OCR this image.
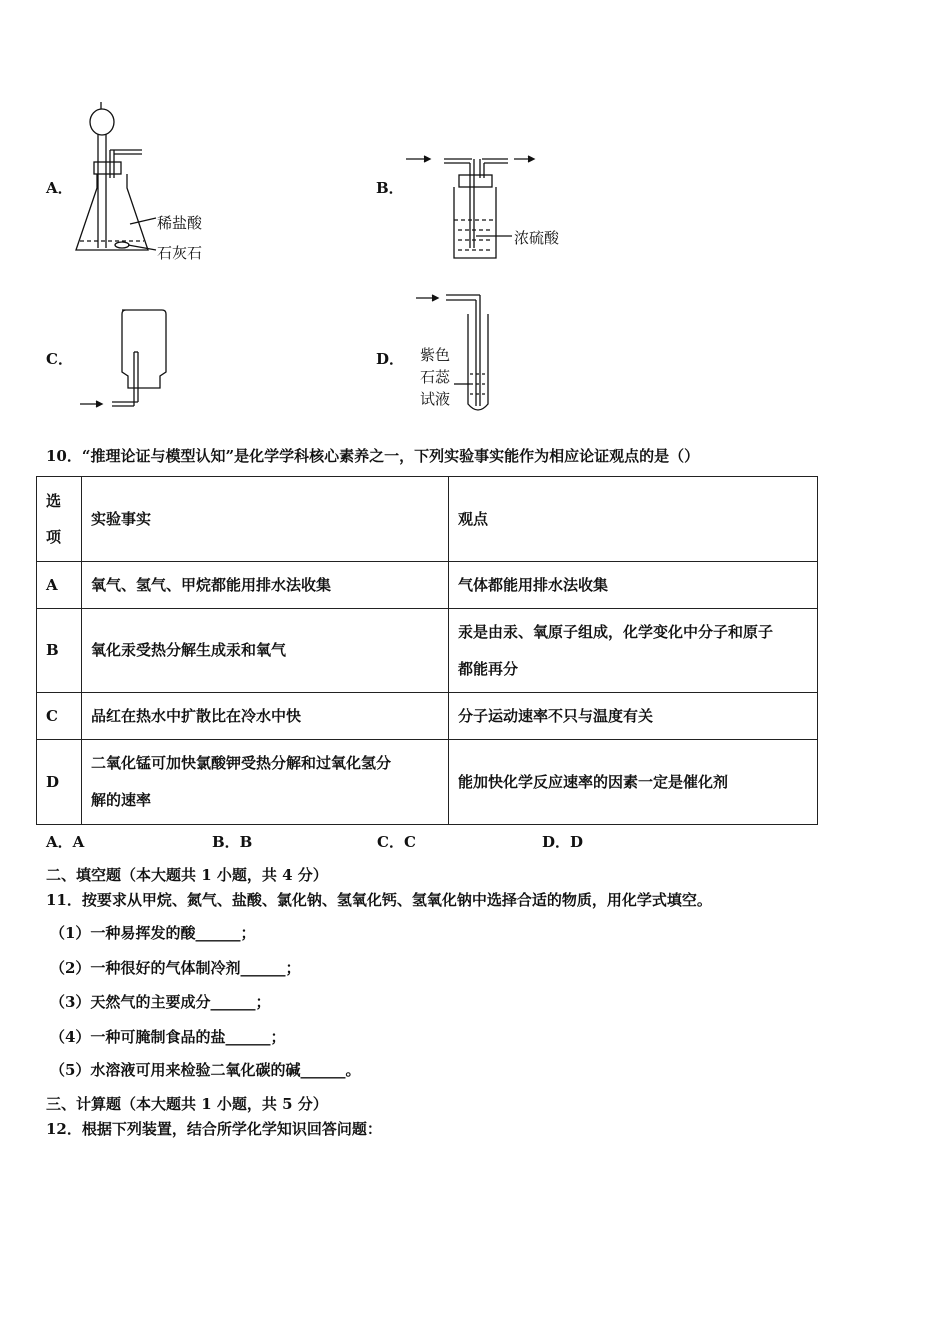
A．	B．
C．	D．
稀盐酸
石灰石
浓硫酸
紫色
石蕊
试液
10．“推理论证与模型认知”是化学学科核心素养之一，下列实验事实能作为相应论证观点的是（）
选
项	实验事实	观点
A	氧气、氢气、甲烷都能用排水法收集	气体都能用排水法收集
B	氧化汞受热分解生成汞和氧气	汞是由汞、氧原子组成，化学变化中分子和原子
都能再分

C	品红在热水中扩散比在冷水中快	分子运动速率不只与温度有关
D	二氧化锰可加快氯酸钾受热分解和过氧化氢分
解的速率	能加快化学反应速率的因素一定是催化剂
A．A	B．B	C．C	D．D
二、填空题（本大题共 1 小题，共 4 分）
11．按要求从甲烷、氮气、盐酸、氯化钠、氢氧化钙、氢氧化钠中选择合适的物质，用化学式填空。
（1）一种易挥发的酸______；
（2）一种很好的气体制冷剂______；
（3）天然气的主要成分______；
（4）一种可腌制食品的盐______；
（5）水溶液可用来检验二氧化碳的碱______。
三、计算题（本大题共 1 小题，共 5 分）
12．根据下列装置，结合所学化学知识回答问题：
